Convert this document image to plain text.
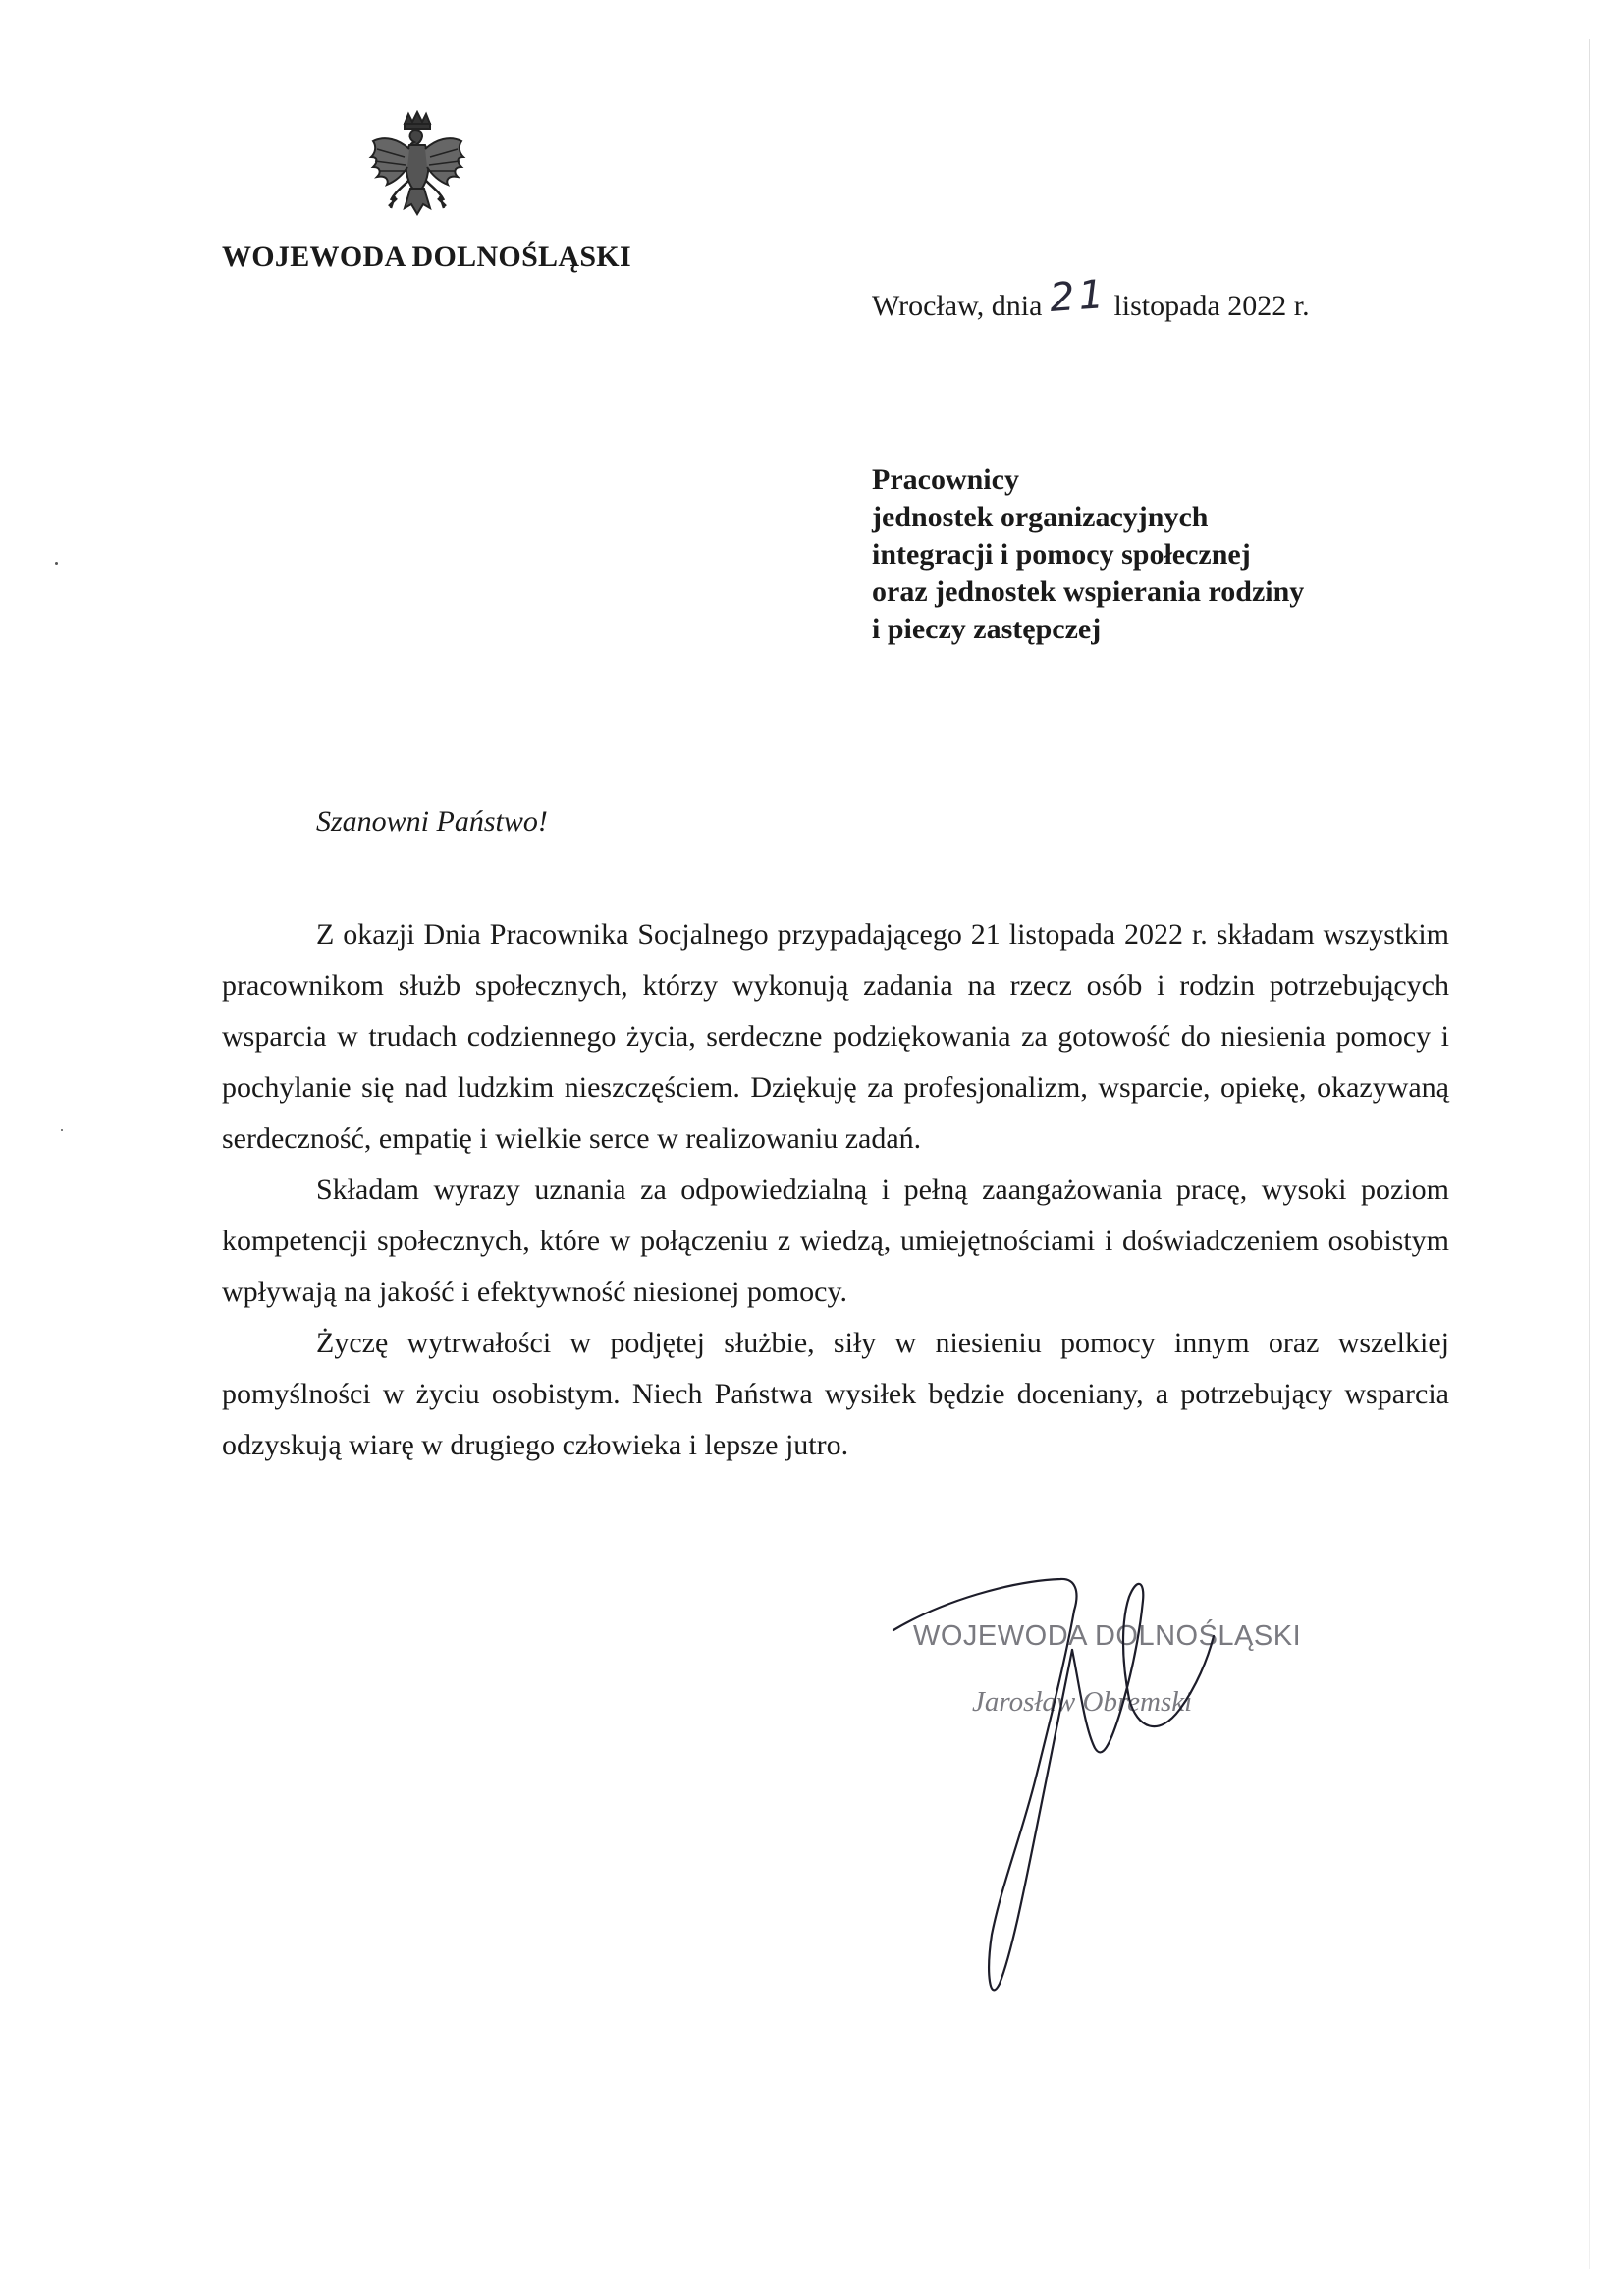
WOJEWODA DOLNOŚLĄSKI
Wrocław, dnia 21 listopada 2022 r.
Pracownicy
jednostek organizacyjnych
integracji i pomocy społecznej
oraz jednostek wspierania rodziny
i pieczy zastępczej
Szanowni Państwo!

Z okazji Dnia Pracownika Socjalnego przypadającego 21 listopada 2022 r. składam wszystkim pracownikom służb społecznych, którzy wykonują zadania na rzecz osób i rodzin potrzebujących wsparcia w trudach codziennego życia, serdeczne podziękowania za gotowość do niesienia pomocy i pochylanie się nad ludzkim nieszczęściem. Dziękuję za profesjonalizm, wsparcie, opiekę, okazywaną serdeczność, empatię i wielkie serce w realizowaniu zadań.

Składam wyrazy uznania za odpowiedzialną i pełną zaangażowania pracę, wysoki poziom kompetencji społecznych, które w połączeniu z wiedzą, umiejętnościami i doświadczeniem osobistym wpływają na jakość i efektywność niesionej pomocy.

Życzę wytrwałości w podjętej służbie, siły w niesieniu pomocy innym oraz wszelkiej pomyślności w życiu osobistym. Niech Państwa wysiłek będzie doceniany, a potrzebujący wsparcia odzyskują wiarę w drugiego człowieka i lepsze jutro.

WOJEWODA DOLNOŚLĄSKI
Jarosław Obremski
